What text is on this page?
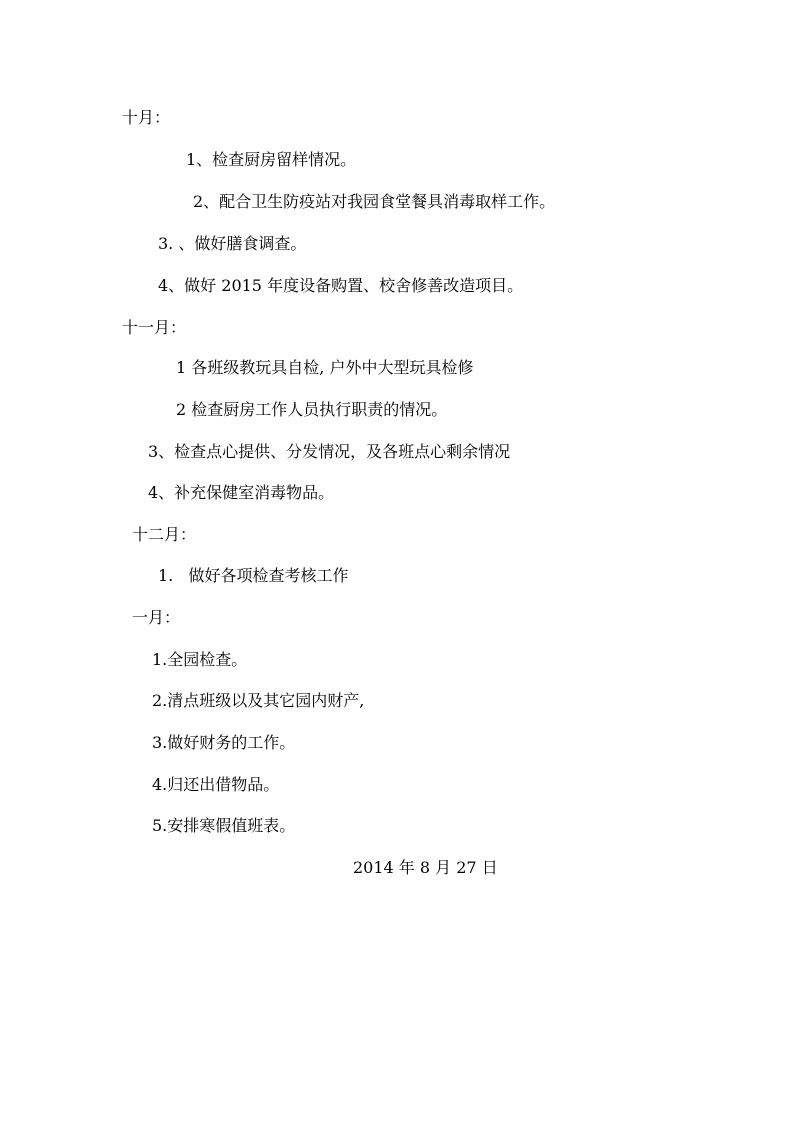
十月：
1、检查厨房留样情况。
2、配合卫生防疫站对我园食堂餐具消毒取样工作。
3. 、做好膳食调查。
4、做好 2015 年度设备购置、校舍修善改造项目。
十一月：
1 各班级教玩具自检, 户外中大型玩具检修
2 检查厨房工作人员执行职责的情况。
3、检查点心提供、分发情况，及各班点心剩余情况
4、补充保健室消毒物品。
十二月：
1.   做好各项检查考核工作
一月：
1.全园检查。
2.清点班级以及其它园内财产,
3.做好财务的工作。
4.归还出借物品。
5.安排寒假值班表。
2014 年 8 月 27 日
